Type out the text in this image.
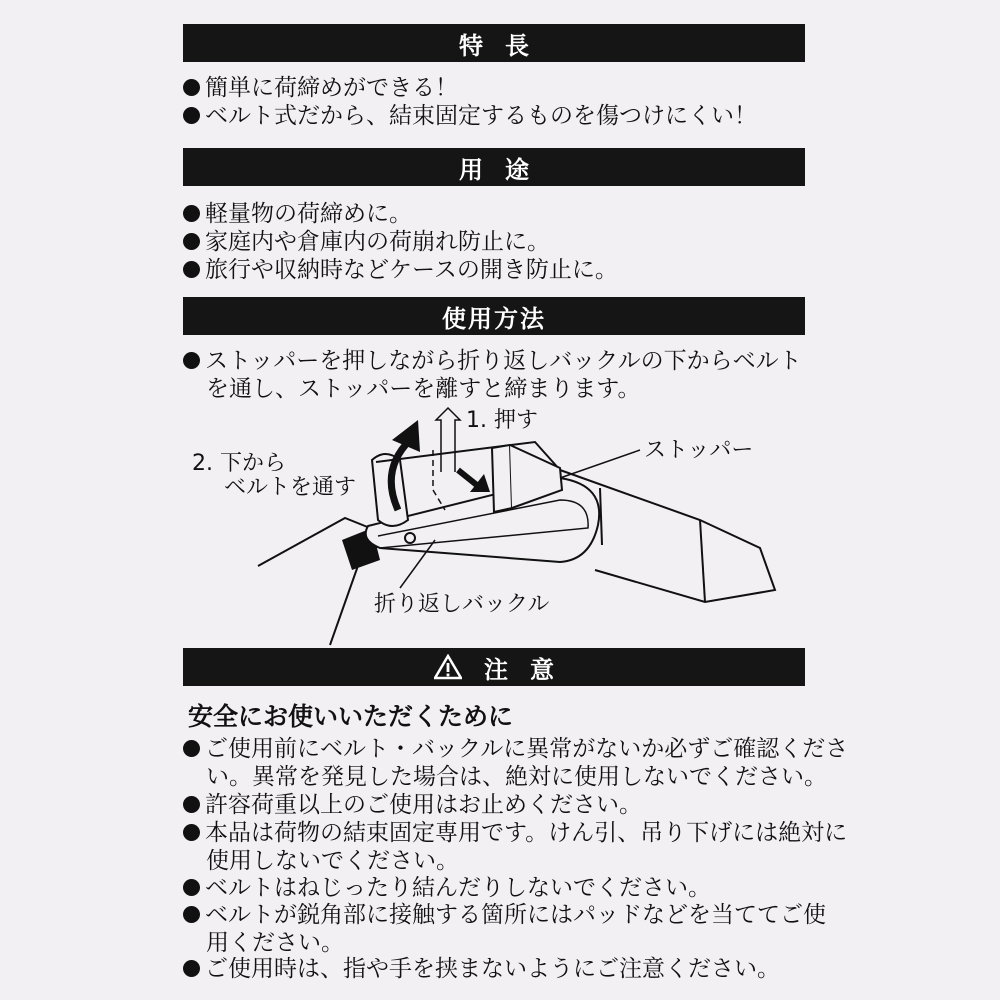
特長
簡単に荷締めができる！
ベルト式だから、結束固定するものを傷つけにくい！
用途
軽量物の荷締めに。
家庭内や倉庫内の荷崩れ防止に。
旅行や収納時などケースの開き防止に。
使用方法
ストッパーを押しながら折り返しバックルの下からベルト
を通し、ストッパーを離すと締まります。
1. 押す
ストッパー
2. 下から
ベルトを通す
折り返しバックル
注意
安全にお使いいただくために
ご使用前にベルト・バックルに異常がないか必ずご確認くださ
い。異常を発見した場合は、絶対に使用しないでください。
許容荷重以上のご使用はお止めください。
本品は荷物の結束固定専用です。けん引、吊り下げには絶対に
使用しないでください。
ベルトはねじったり結んだりしないでください。
ベルトが鋭角部に接触する箇所にはパッドなどを当ててご使
用ください。
ご使用時は、指や手を挟まないようにご注意ください。
